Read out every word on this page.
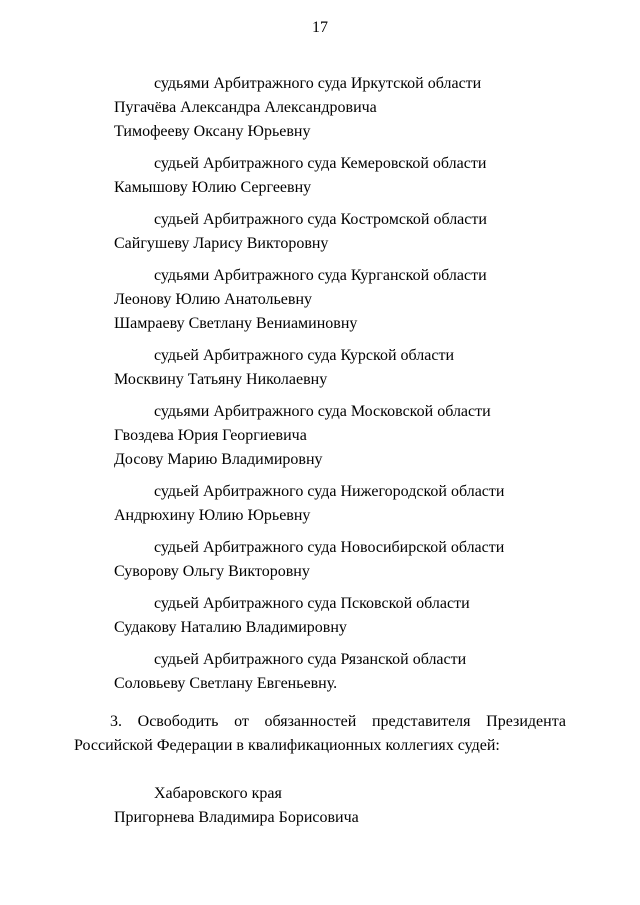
17
судьями Арбитражного суда Иркутской области
Пугачёва Александра Александровича
Тимофееву Оксану Юрьевну
судьей Арбитражного суда Кемеровской области
Камышову Юлию Сергеевну
судьей Арбитражного суда Костромской области
Сайгушеву Ларису Викторовну
судьями Арбитражного суда Курганской области
Леонову Юлию Анатольевну
Шамраеву Светлану Вениаминовну
судьей Арбитражного суда Курской области
Москвину Татьяну Николаевну
судьями Арбитражного суда Московской области
Гвоздева Юрия Георгиевича
Досову Марию Владимировну
судьей Арбитражного суда Нижегородской области
Андрюхину Юлию Юрьевну
судьей Арбитражного суда Новосибирской области
Суворову Ольгу Викторовну
судьей Арбитражного суда Псковской области
Судакову Наталию Владимировну
судьей Арбитражного суда Рязанской области
Соловьеву Светлану Евгеньевну.

3. Освободить от обязанностей представителя Президента Российской Федерации в квалификационных коллегиях судей:

Хабаровского края
Пригорнева Владимира Борисовича
